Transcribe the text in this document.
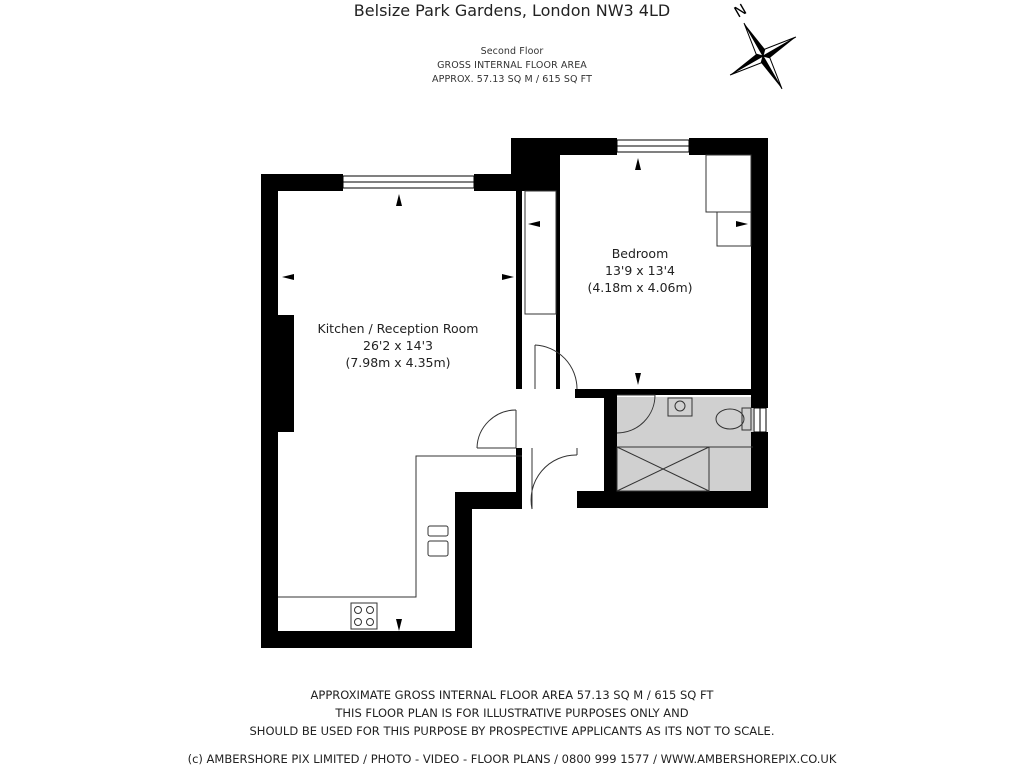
Belsize Park Gardens, London NW3 4LD
Second Floor
GROSS INTERNAL FLOOR AREA
APPROX. 57.13 SQ M / 615 SQ FT
N
Kitchen / Reception Room
26'2 x 14'3
(7.98m x 4.35m)
Bedroom
13'9 x 13'4
(4.18m x 4.06m)
APPROXIMATE GROSS INTERNAL FLOOR AREA 57.13 SQ M / 615 SQ FT
THIS FLOOR PLAN IS FOR ILLUSTRATIVE PURPOSES ONLY AND
SHOULD BE USED FOR THIS PURPOSE BY PROSPECTIVE APPLICANTS AS ITS NOT TO SCALE.
(c) AMBERSHORE PIX LIMITED / PHOTO - VIDEO - FLOOR PLANS / 0800 999 1577 / WWW.AMBERSHOREPIX.CO.UK
